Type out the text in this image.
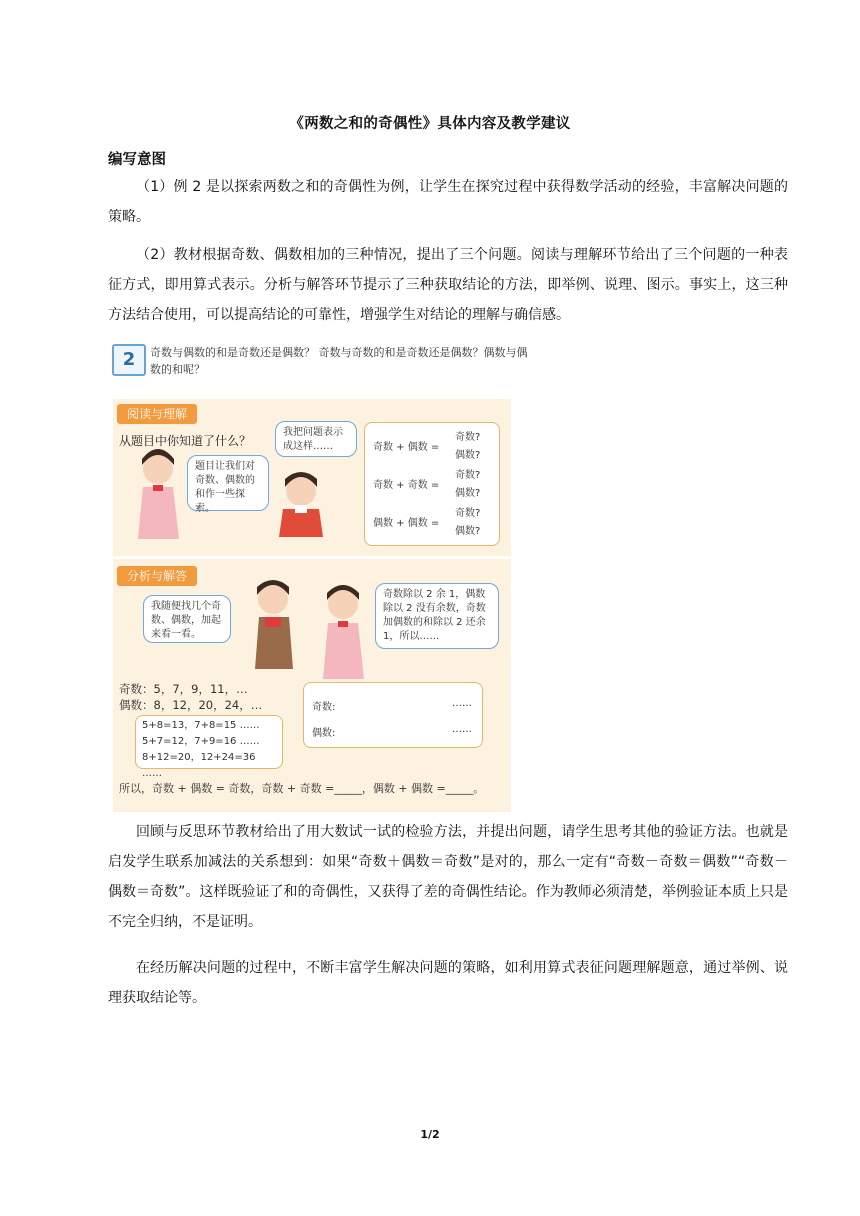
《两数之和的奇偶性》具体内容及教学建议
编写意图

（1）例 2 是以探索两数之和的奇偶性为例，让学生在探究过程中获得数学活动的经验，丰富解决问题的策略。

（2）教材根据奇数、偶数相加的三种情况，提出了三个问题。阅读与理解环节给出了三个问题的一种表征方式，即用算式表示。分析与解答环节提示了三种获取结论的方法，即举例、说理、图示。事实上，这三种方法结合使用，可以提高结论的可靠性，增强学生对结论的理解与确信感。

2	奇数与偶数的和是奇数还是偶数？ 奇数与奇数的和是奇数还是偶数？偶数与偶数的和呢？
阅读与理解
从题目中你知道了什么？
题目让我们对奇数、偶数的和作一些探索。
我把问题表示成这样……	奇数 + 偶数 =
奇数?
偶数?
奇数 + 奇数 =
奇数?
偶数?
偶数 + 偶数 =
奇数?
偶数?
分析与解答
我随便找几个奇数、偶数，加起来看一看。
奇数除以 2 余 1，偶数除以 2 没有余数，奇数加偶数的和除以 2 还余 1，所以……
奇数：5，7，9，11，…
偶数：8，12，20，24，…
5+8=13，7+8=15 ……
5+7=12，7+9=16 ……
8+12=20，12+24=36 ……
奇数:
偶数:
……
……
所以，奇数 + 偶数 = 奇数，奇数 + 奇数 =_____，偶数 + 偶数 =_____。

回顾与反思环节教材给出了用大数试一试的检验方法，并提出问题，请学生思考其他的验证方法。也就是启发学生联系加减法的关系想到：如果“奇数＋偶数＝奇数”是对的，那么一定有“奇数－奇数＝偶数”“奇数－偶数＝奇数”。这样既验证了和的奇偶性，又获得了差的奇偶性结论。作为教师必须清楚，举例验证本质上只是不完全归纳，不是证明。

在经历解决问题的过程中，不断丰富学生解决问题的策略，如利用算式表征问题理解题意，通过举例、说理获取结论等。

1/2
